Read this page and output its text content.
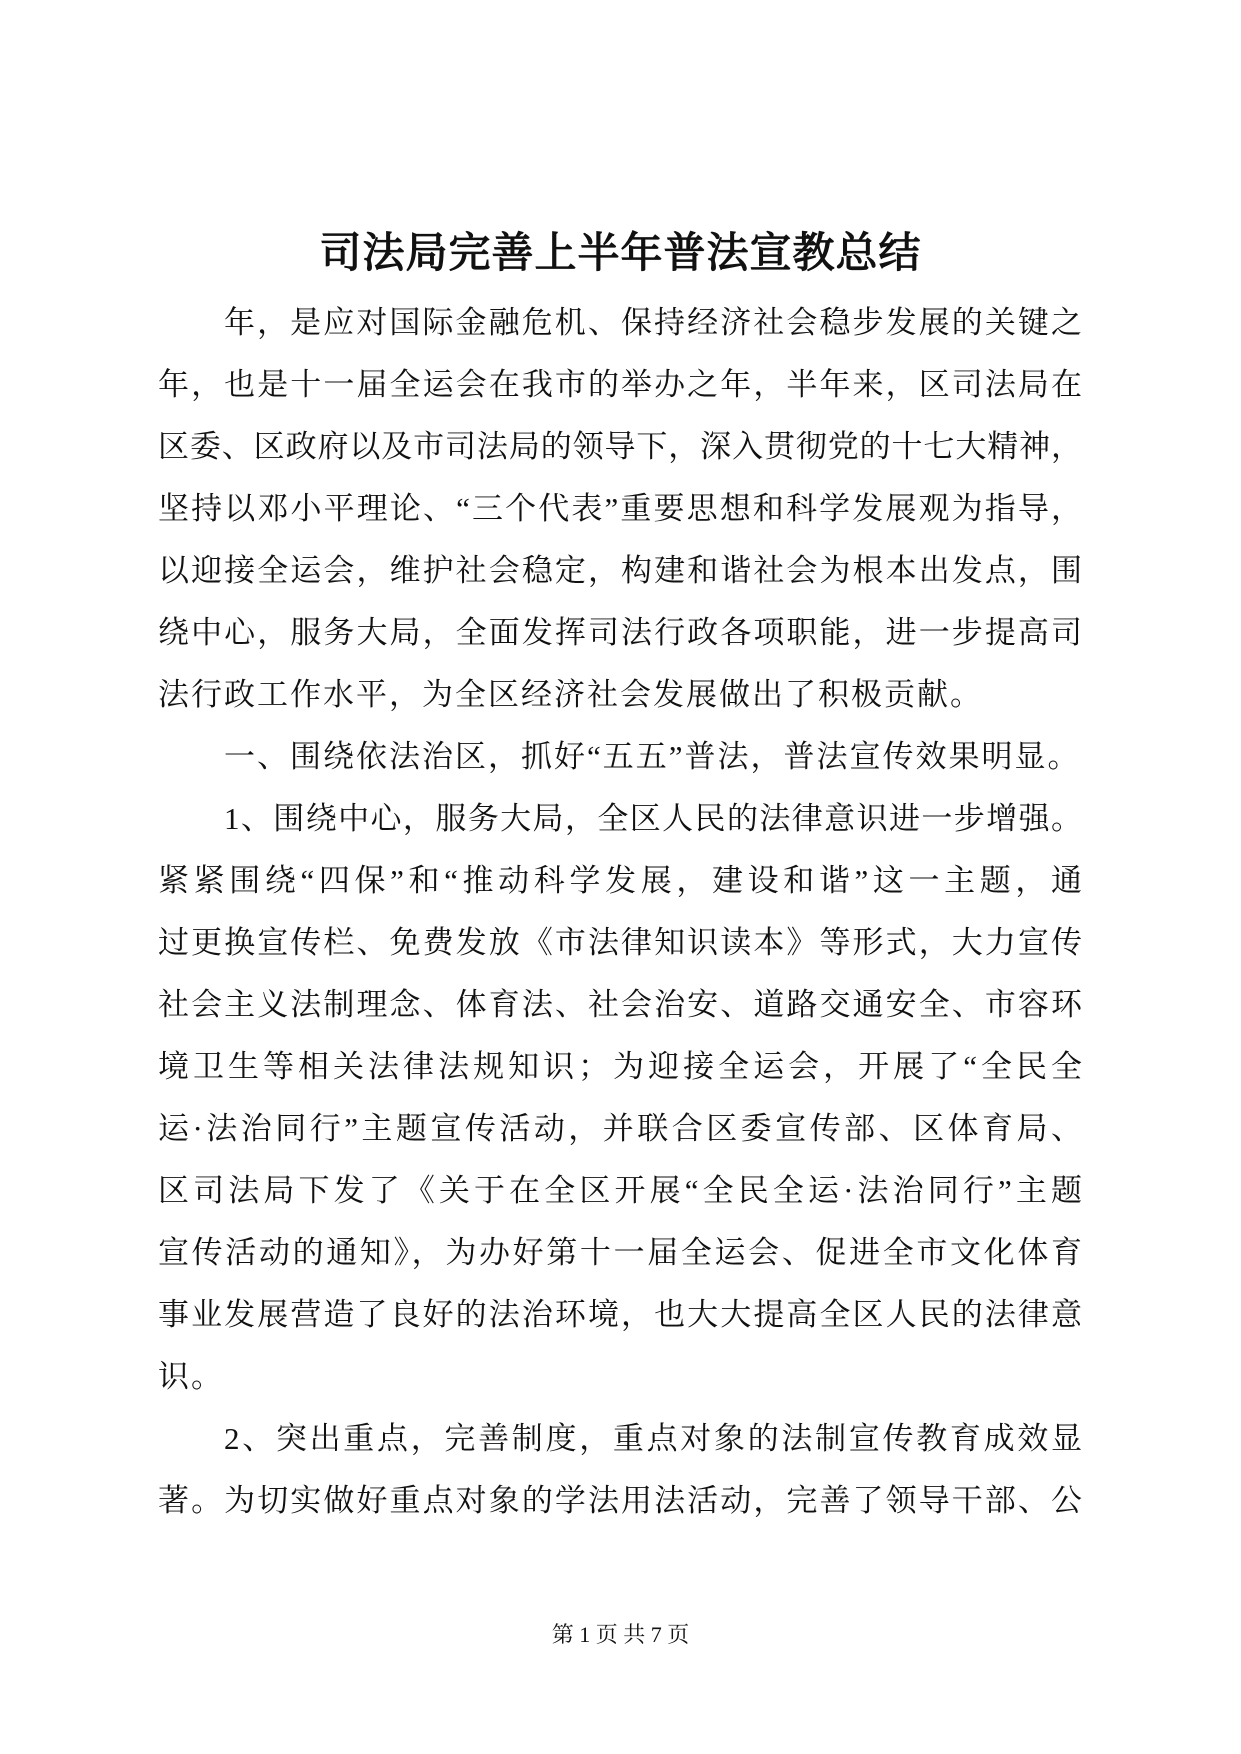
司法局完善上半年普法宣教总结
年，是应对国际金融危机、保持经济社会稳步发展的关键之
年，也是十一届全运会在我市的举办之年，半年来，区司法局在
区委、区政府以及市司法局的领导下，深入贯彻党的十七大精神，
坚持以邓小平理论、“三个代表”重要思想和科学发展观为指导，
以迎接全运会，维护社会稳定，构建和谐社会为根本出发点，围
绕中心，服务大局，全面发挥司法行政各项职能，进一步提高司
法行政工作水平，为全区经济社会发展做出了积极贡献。
一、围绕依法治区，抓好“五五”普法，普法宣传效果明显。
1、围绕中心，服务大局，全区人民的法律意识进一步增强。
紧紧围绕“四保”和“推动科学发展，建设和谐”这一主题，通
过更换宣传栏、免费发放《市法律知识读本》等形式，大力宣传
社会主义法制理念、体育法、社会治安、道路交通安全、市容环
境卫生等相关法律法规知识；为迎接全运会，开展了“全民全
运·法治同行”主题宣传活动，并联合区委宣传部、区体育局、
区司法局下发了《关于在全区开展“全民全运·法治同行”主题
宣传活动的通知》，为办好第十一届全运会、促进全市文化体育
事业发展营造了良好的法治环境，也大大提高全区人民的法律意
识。
2、突出重点，完善制度，重点对象的法制宣传教育成效显
著。为切实做好重点对象的学法用法活动，完善了领导干部、公
第 1 页 共 7 页
